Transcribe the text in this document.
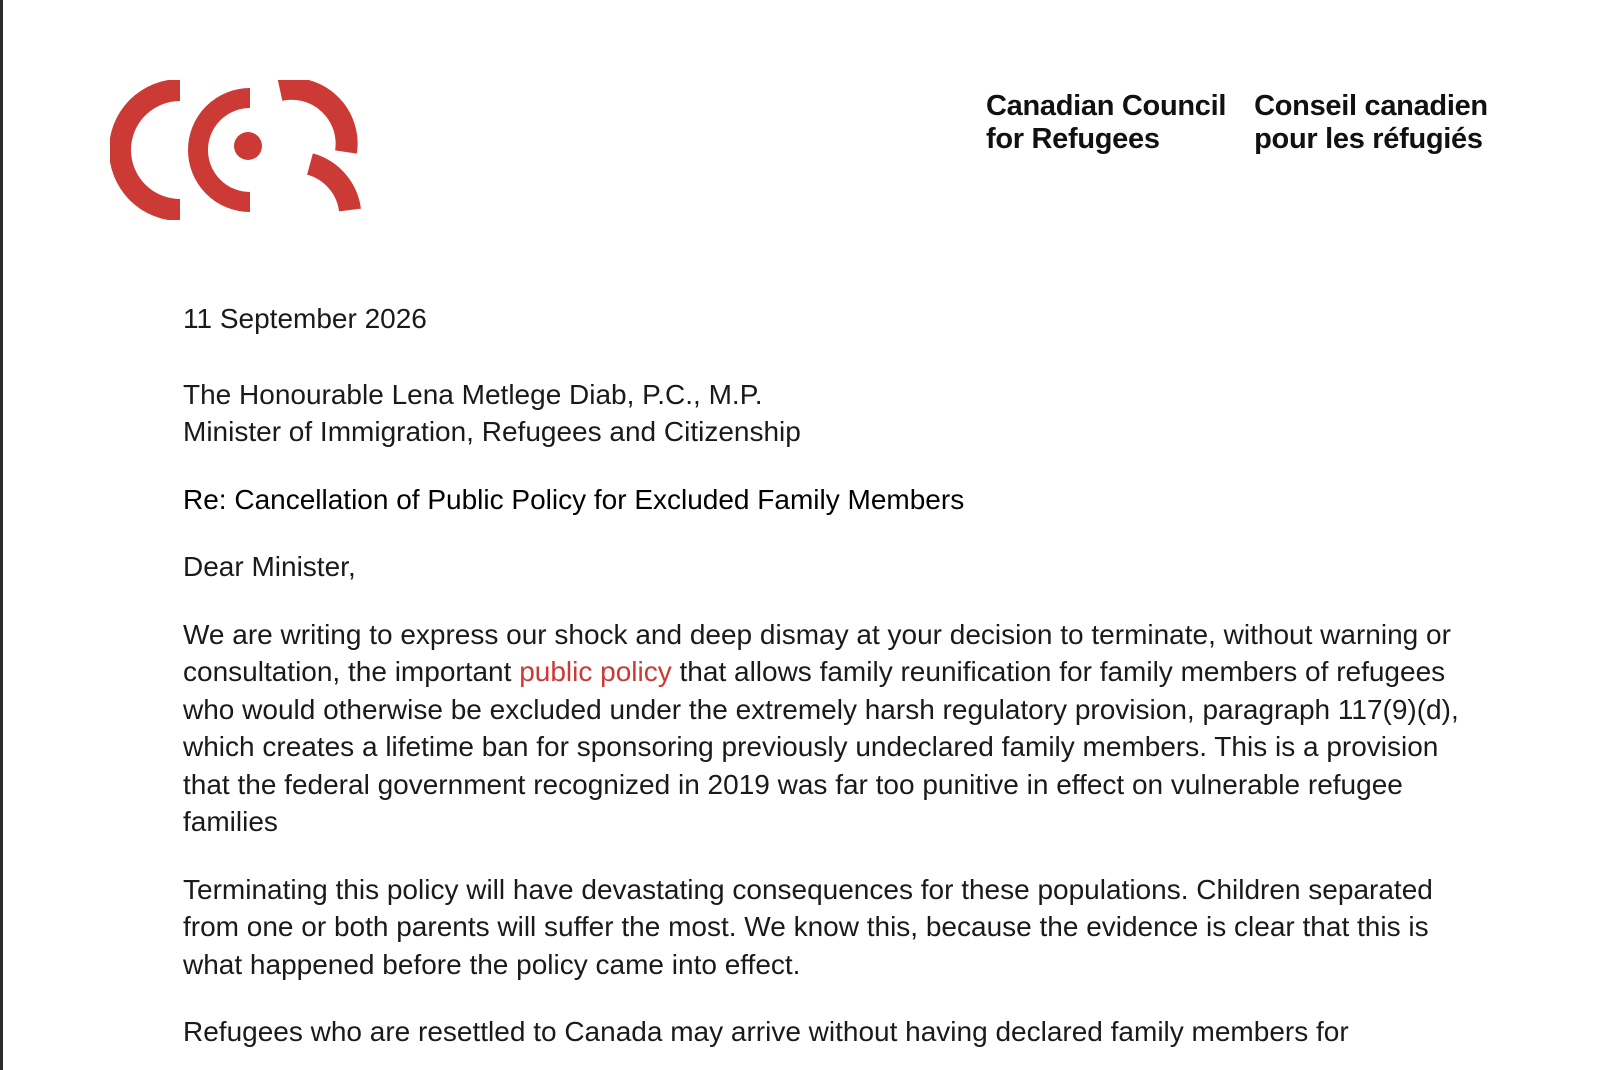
Canadian Council
for Refugees
Conseil canadien
pour les réfugiés

11 September 2026

The Honourable Lena Metlege Diab, P.C., M.P.
Minister of Immigration, Refugees and Citizenship

Re: Cancellation of Public Policy for Excluded Family Members

Dear Minister,

We are writing to express our shock and deep dismay at your decision to terminate, without warning or consultation, the important public policy that allows family reunification for family members of refugees who would otherwise be excluded under the extremely harsh regulatory provision, paragraph 117(9)(d), which creates a lifetime ban for sponsoring previously undeclared family members. This is a provision that the federal government recognized in 2019 was far too punitive in effect on vulnerable refugee families

Terminating this policy will have devastating consequences for these populations. Children separated from one or both parents will suffer the most. We know this, because the evidence is clear that this is what happened before the policy came into effect.

Refugees who are resettled to Canada may arrive without having declared family members for
